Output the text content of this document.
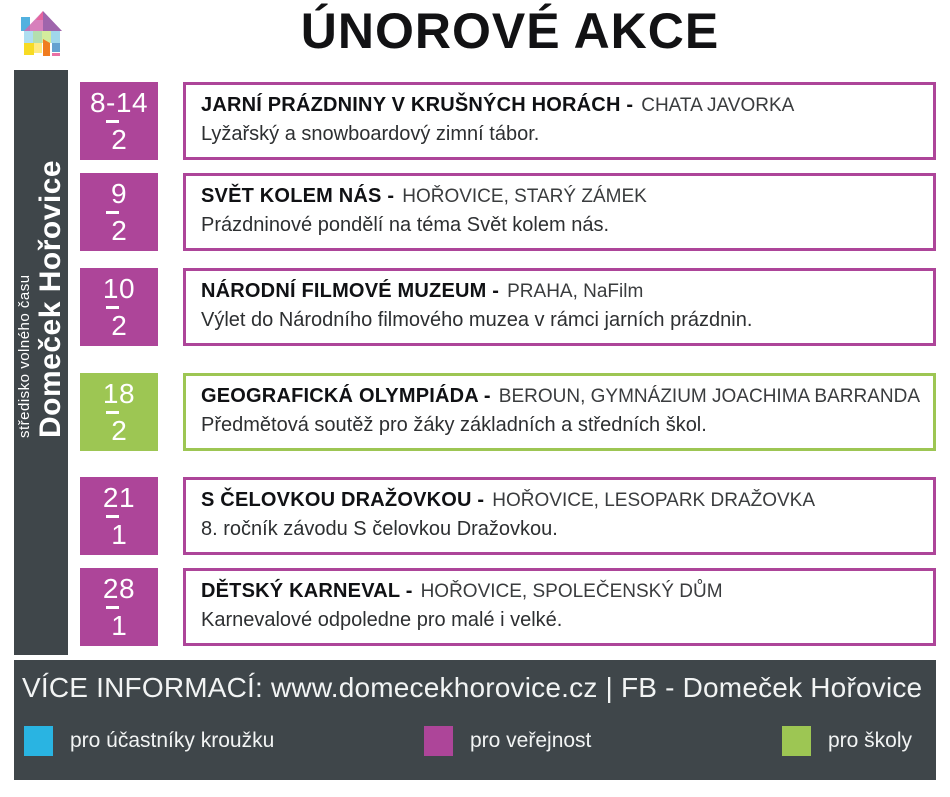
ÚNOROVÉ AKCE
středisko volného času Domeček Hořovice
8-14
2
JARNÍ PRÁZDNINY V KRUŠNÝCH HORÁCH - CHATA JAVORKA
Lyžařský a snowboardový zimní tábor.
9
2
SVĚT KOLEM NÁS - HOŘOVICE, STARÝ ZÁMEK
Prázdninové pondělí na téma Svět kolem nás.
10
2
NÁRODNÍ FILMOVÉ MUZEUM - PRAHA, NaFilm
Výlet do Národního filmového muzea v rámci jarních prázdnin.
18
2
GEOGRAFICKÁ OLYMPIÁDA - BEROUN, GYMNÁZIUM JOACHIMA BARRANDA
Předmětová soutěž pro žáky základních a středních škol.
21
1
S ČELOVKOU DRAŽOVKOU - HOŘOVICE, LESOPARK DRAŽOVKA
8. ročník závodu S čelovkou Dražovkou.
28
1
DĚTSKÝ KARNEVAL - HOŘOVICE, SPOLEČENSKÝ DŮM
Karnevalové odpoledne pro malé i velké.
VÍCE INFORMACÍ: www.domecekhorovice.cz | FB - Domeček Hořovice
pro účastníky kroužku	pro veřejnost	pro školy
